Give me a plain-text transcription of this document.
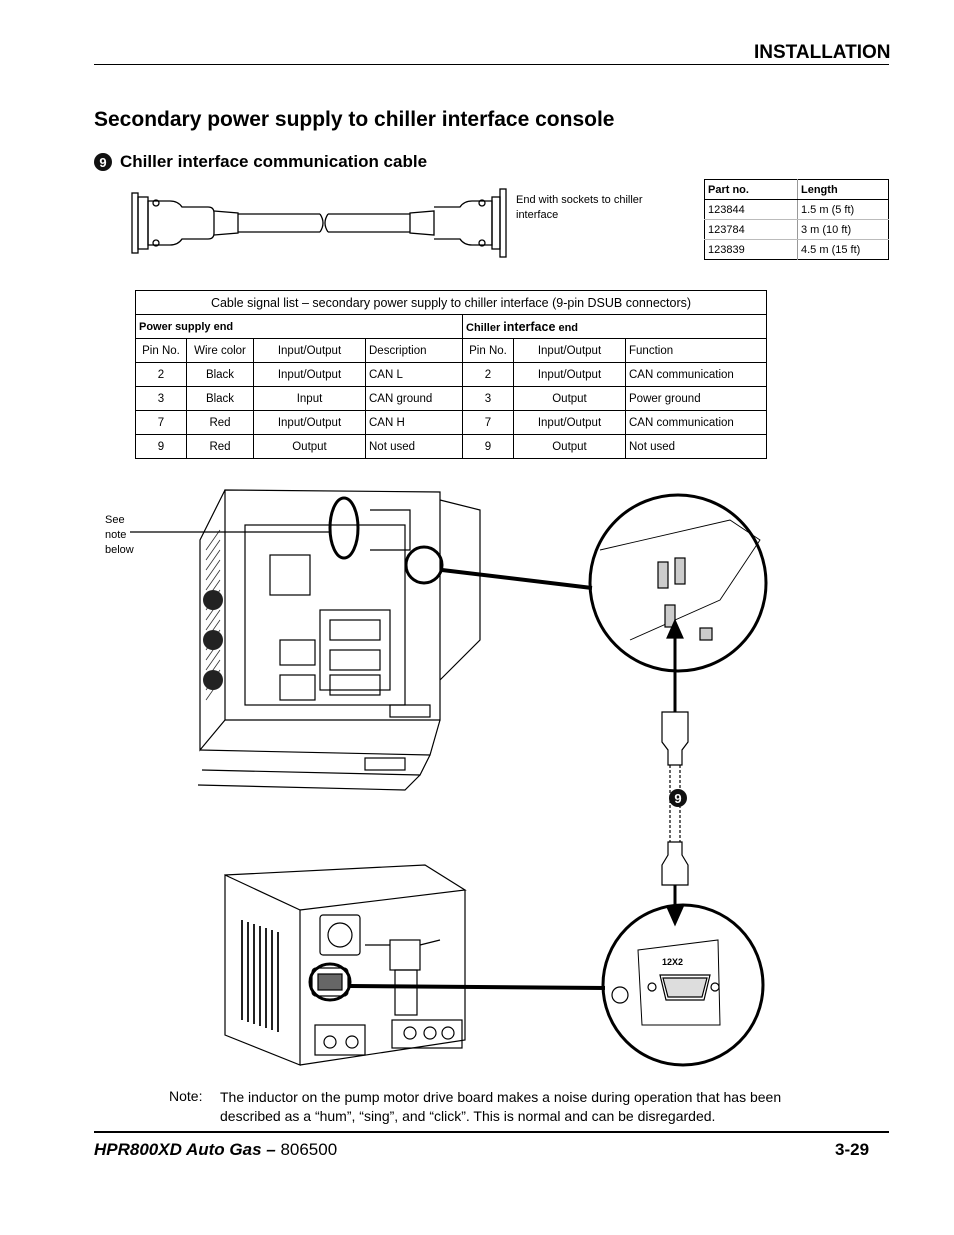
INSTALLATION
Secondary power supply to chiller interface console
9 Chiller interface communication cable
End with sockets to chiller interface
Part no.	Length
123844	1.5 m (5 ft)
123784	3 m (10 ft)
123839	4.5 m (15 ft)
Cable signal list – secondary power supply to chiller interface (9-pin DSUB connectors)						
Power supply end				Chiller interface end		
Pin No.	Wire color	Input/Output	Description	Pin No.	Input/Output	Function
2	Black	Input/Output	CAN L	2	Input/Output	CAN communication
3	Black	Input	CAN ground	3	Output	Power ground
7	Red	Input/Output	CAN H	7	Input/Output	CAN communication
9	Red	Output	Not used	9	Output	Not used
See
note
below
12X2
9
Note: The inductor on the pump motor drive board makes a noise during operation that has been described as a “hum”, “sing”, and “click”. This is normal and can be disregarded.
HPR800XD Auto Gas – 806500	3-29
